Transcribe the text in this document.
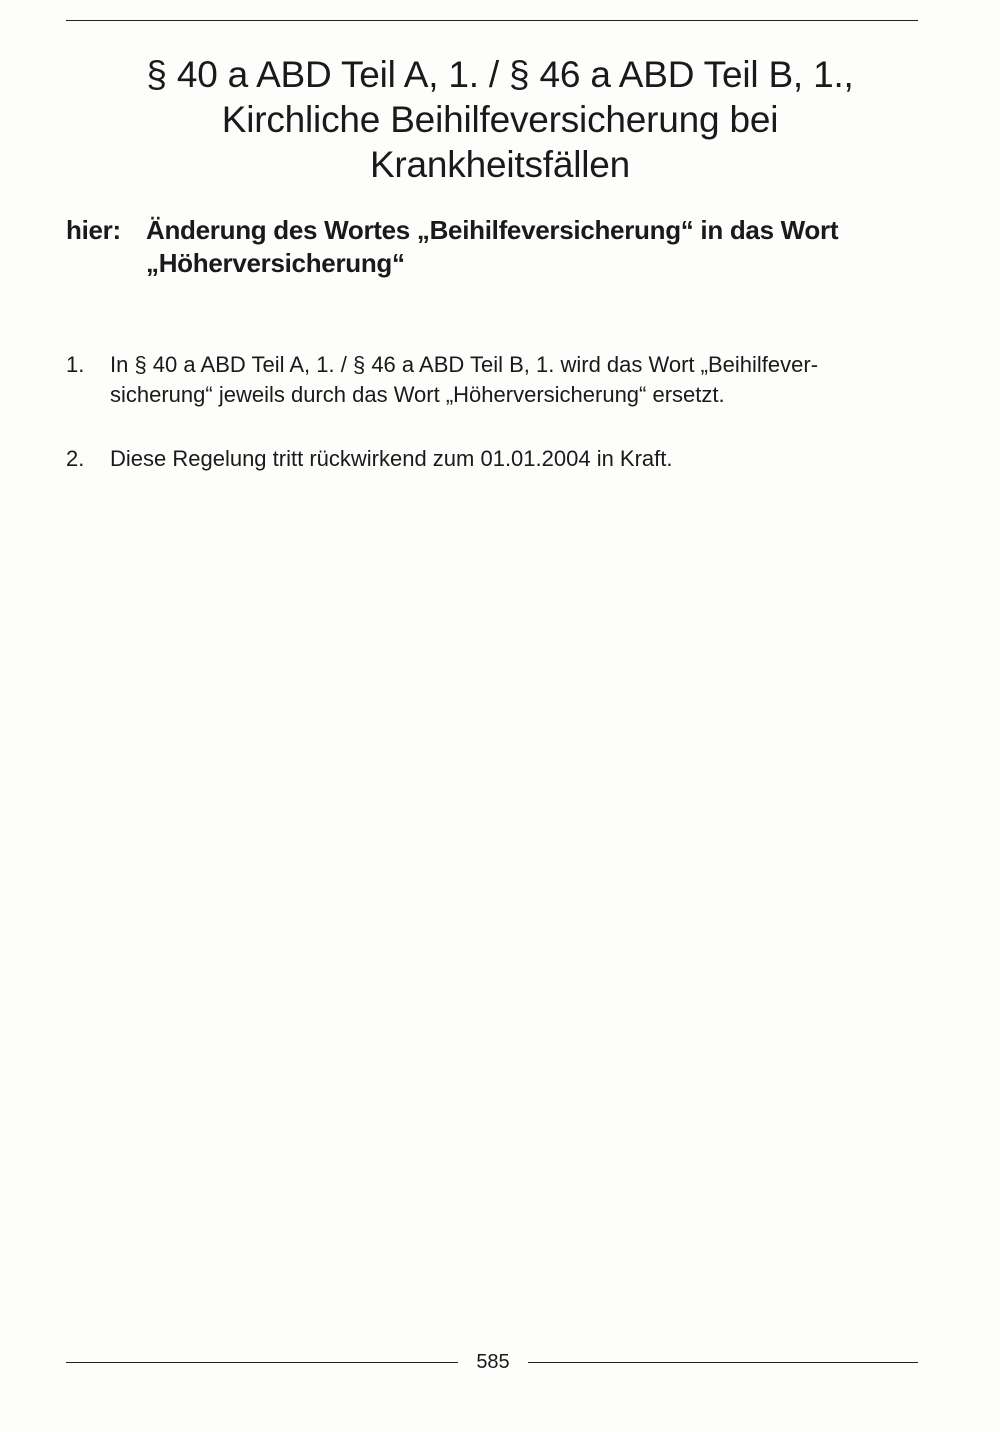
§ 40 a ABD Teil A, 1. / § 46 a ABD Teil B, 1.,
Kirchliche Beihilfeversicherung bei
Krankheitsfällen
hier: Änderung des Wortes „Beihilfeversicherung“ in das Wort
„Höherversicherung“
1. In § 40 a ABD Teil A, 1. / § 46 a ABD Teil B, 1. wird das Wort „Beihilfever-
sicherung“ jeweils durch das Wort „Höherversicherung“ ersetzt.
2. Diese Regelung tritt rückwirkend zum 01.01.2004 in Kraft.
585
